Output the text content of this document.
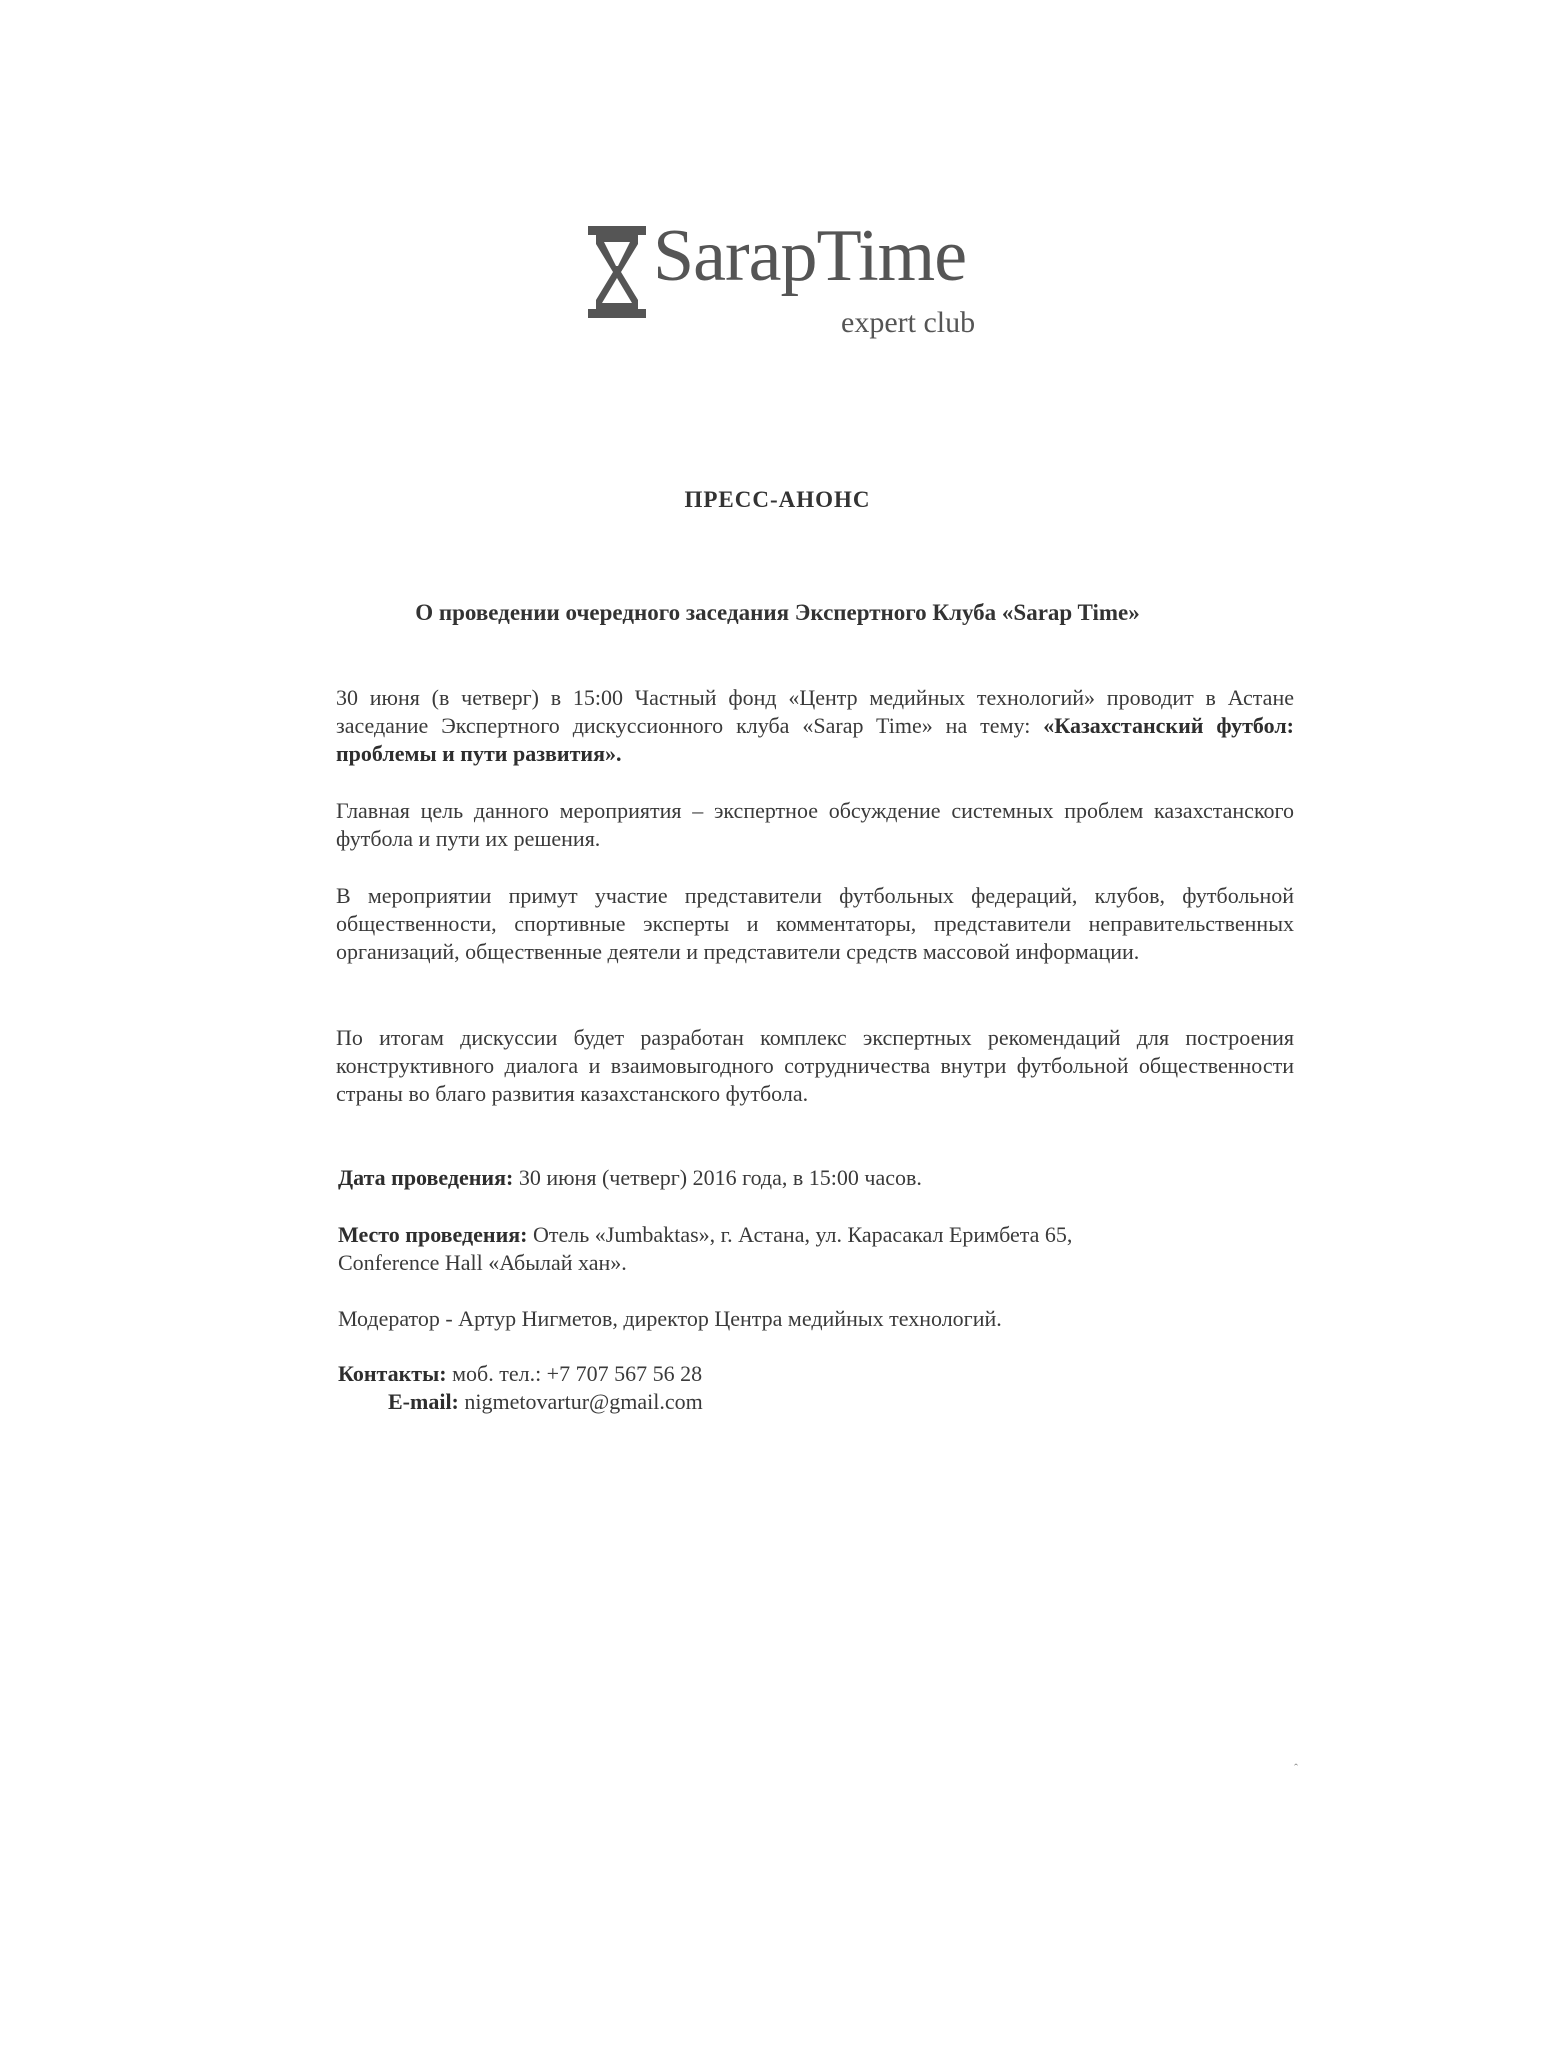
SarapTime
expert club
ПРЕСС-АНОНС
О проведении очередного заседания Экспертного Клуба «Sarap Time»
30 июня (в четверг) в 15:00 Частный фонд «Центр медийных технологий» проводит в Астане заседание Экспертного дискуссионного клуба «Sarap Time» на тему: «Казахстанский футбол: проблемы и пути развития».
Главная цель данного мероприятия – экспертное обсуждение системных проблем казахстанского футбола и пути их решения.
В мероприятии примут участие представители футбольных федераций, клубов, футбольной общественности, спортивные эксперты и комментаторы, представители неправительственных организаций, общественные деятели и представители средств массовой информации.
По итогам дискуссии будет разработан комплекс экспертных рекомендаций для построения конструктивного диалога и взаимовыгодного сотрудничества внутри футбольной общественности страны во благо развития казахстанского футбола.
Дата проведения: 30 июня (четверг) 2016 года, в 15:00 часов.
Место проведения: Отель «Jumbaktas», г. Астана, ул. Карасакал Еримбета 65,
Conference Hall «Абылай хан».
Модератор - Артур Нигметов, директор Центра медийных технологий.
Контакты: моб. тел.: +7 707 567 56 28
E-mail: nigmetovartur@gmail.com
ˆ
